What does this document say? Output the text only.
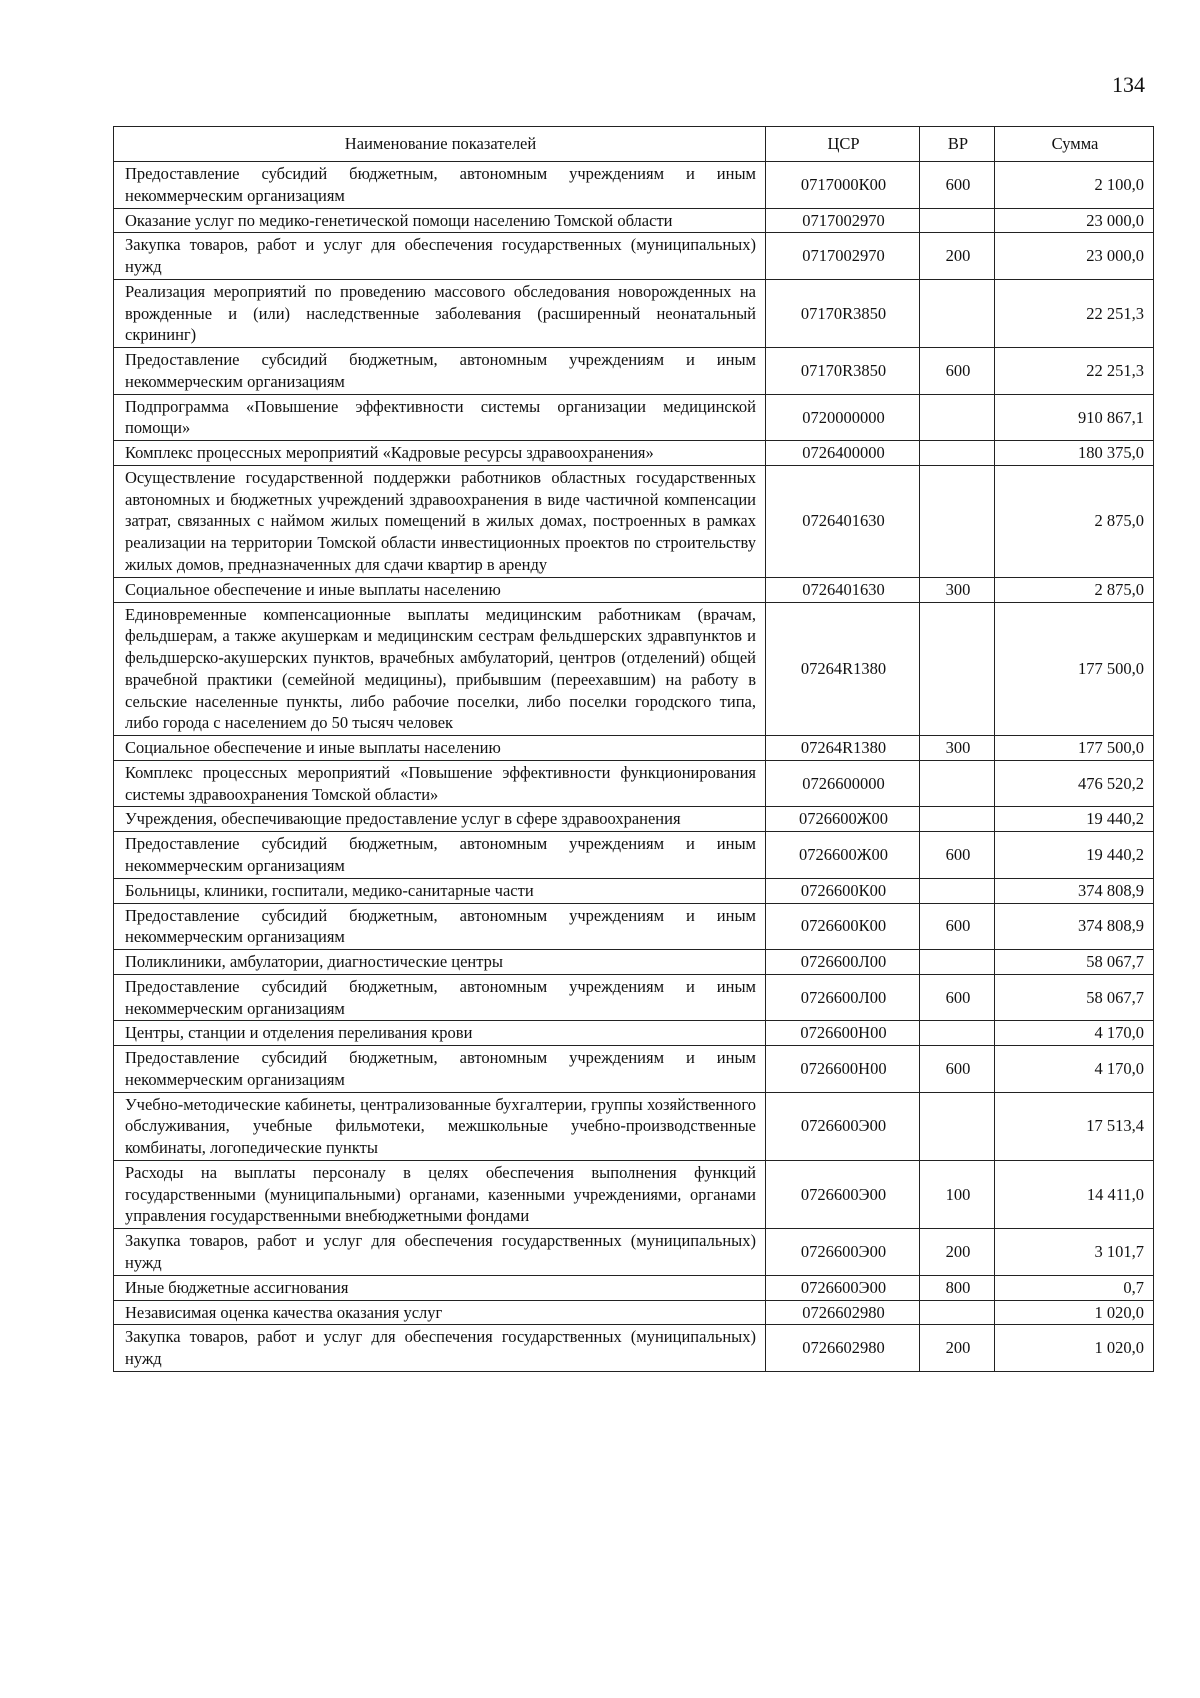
134
Наименование показателей	ЦСР	ВР	Сумма
Предоставление субсидий бюджетным, автономным учреждениям и иным некоммерческим организациям	0717000К00	600	2 100,0
Оказание услуг по медико-генетической помощи населению Томской области	0717002970		23 000,0
Закупка товаров, работ и услуг для обеспечения государственных (муниципальных) нужд	0717002970	200	23 000,0
Реализация мероприятий по проведению массового обследования новорожденных на врожденные и (или) наследственные заболевания (расширенный неонатальный скрининг)	07170R3850		22 251,3
Предоставление субсидий бюджетным, автономным учреждениям и иным некоммерческим организациям	07170R3850	600	22 251,3
Подпрограмма «Повышение эффективности системы организации медицинской помощи»	0720000000		910 867,1
Комплекс процессных мероприятий «Кадровые ресурсы здравоохранения»	0726400000		180 375,0
Осуществление государственной поддержки работников областных государственных автономных и бюджетных учреждений здравоохранения в виде частичной компенсации затрат, связанных с наймом жилых помещений в жилых домах, построенных в рамках реализации на территории Томской области инвестиционных проектов по строительству жилых домов, предназначенных для сдачи квартир в аренду	0726401630		2 875,0
Социальное обеспечение и иные выплаты населению	0726401630	300	2 875,0
Единовременные компенсационные выплаты медицинским работникам (врачам, фельдшерам, а также акушеркам и медицинским сестрам фельдшерских здравпунктов и фельдшерско-акушерских пунктов, врачебных амбулаторий, центров (отделений) общей врачебной практики (семейной медицины), прибывшим (переехавшим) на работу в сельские населенные пункты, либо рабочие поселки, либо поселки городского типа, либо города с населением до 50 тысяч человек	07264R1380		177 500,0
Социальное обеспечение и иные выплаты населению	07264R1380	300	177 500,0
Комплекс процессных мероприятий «Повышение эффективности функционирования системы здравоохранения Томской области»	0726600000		476 520,2
Учреждения, обеспечивающие предоставление услуг в сфере здравоохранения	0726600Ж00		19 440,2
Предоставление субсидий бюджетным, автономным учреждениям и иным некоммерческим организациям	0726600Ж00	600	19 440,2
Больницы, клиники, госпитали, медико-санитарные части	0726600К00		374 808,9
Предоставление субсидий бюджетным, автономным учреждениям и иным некоммерческим организациям	0726600К00	600	374 808,9
Поликлиники, амбулатории, диагностические центры	0726600Л00		58 067,7
Предоставление субсидий бюджетным, автономным учреждениям и иным некоммерческим организациям	0726600Л00	600	58 067,7
Центры, станции и отделения переливания крови	0726600Н00		4 170,0
Предоставление субсидий бюджетным, автономным учреждениям и иным некоммерческим организациям	0726600Н00	600	4 170,0
Учебно-методические кабинеты, централизованные бухгалтерии, группы хозяйственного обслуживания, учебные фильмотеки, межшкольные учебно-производственные комбинаты, логопедические пункты	0726600Э00		17 513,4
Расходы на выплаты персоналу в целях обеспечения выполнения функций государственными (муниципальными) органами, казенными учреждениями, органами управления государственными внебюджетными фондами	0726600Э00	100	14 411,0
Закупка товаров, работ и услуг для обеспечения государственных (муниципальных) нужд	0726600Э00	200	3 101,7
Иные бюджетные ассигнования	0726600Э00	800	0,7
Независимая оценка качества оказания услуг	0726602980		1 020,0
Закупка товаров, работ и услуг для обеспечения государственных (муниципальных) нужд	0726602980	200	1 020,0
